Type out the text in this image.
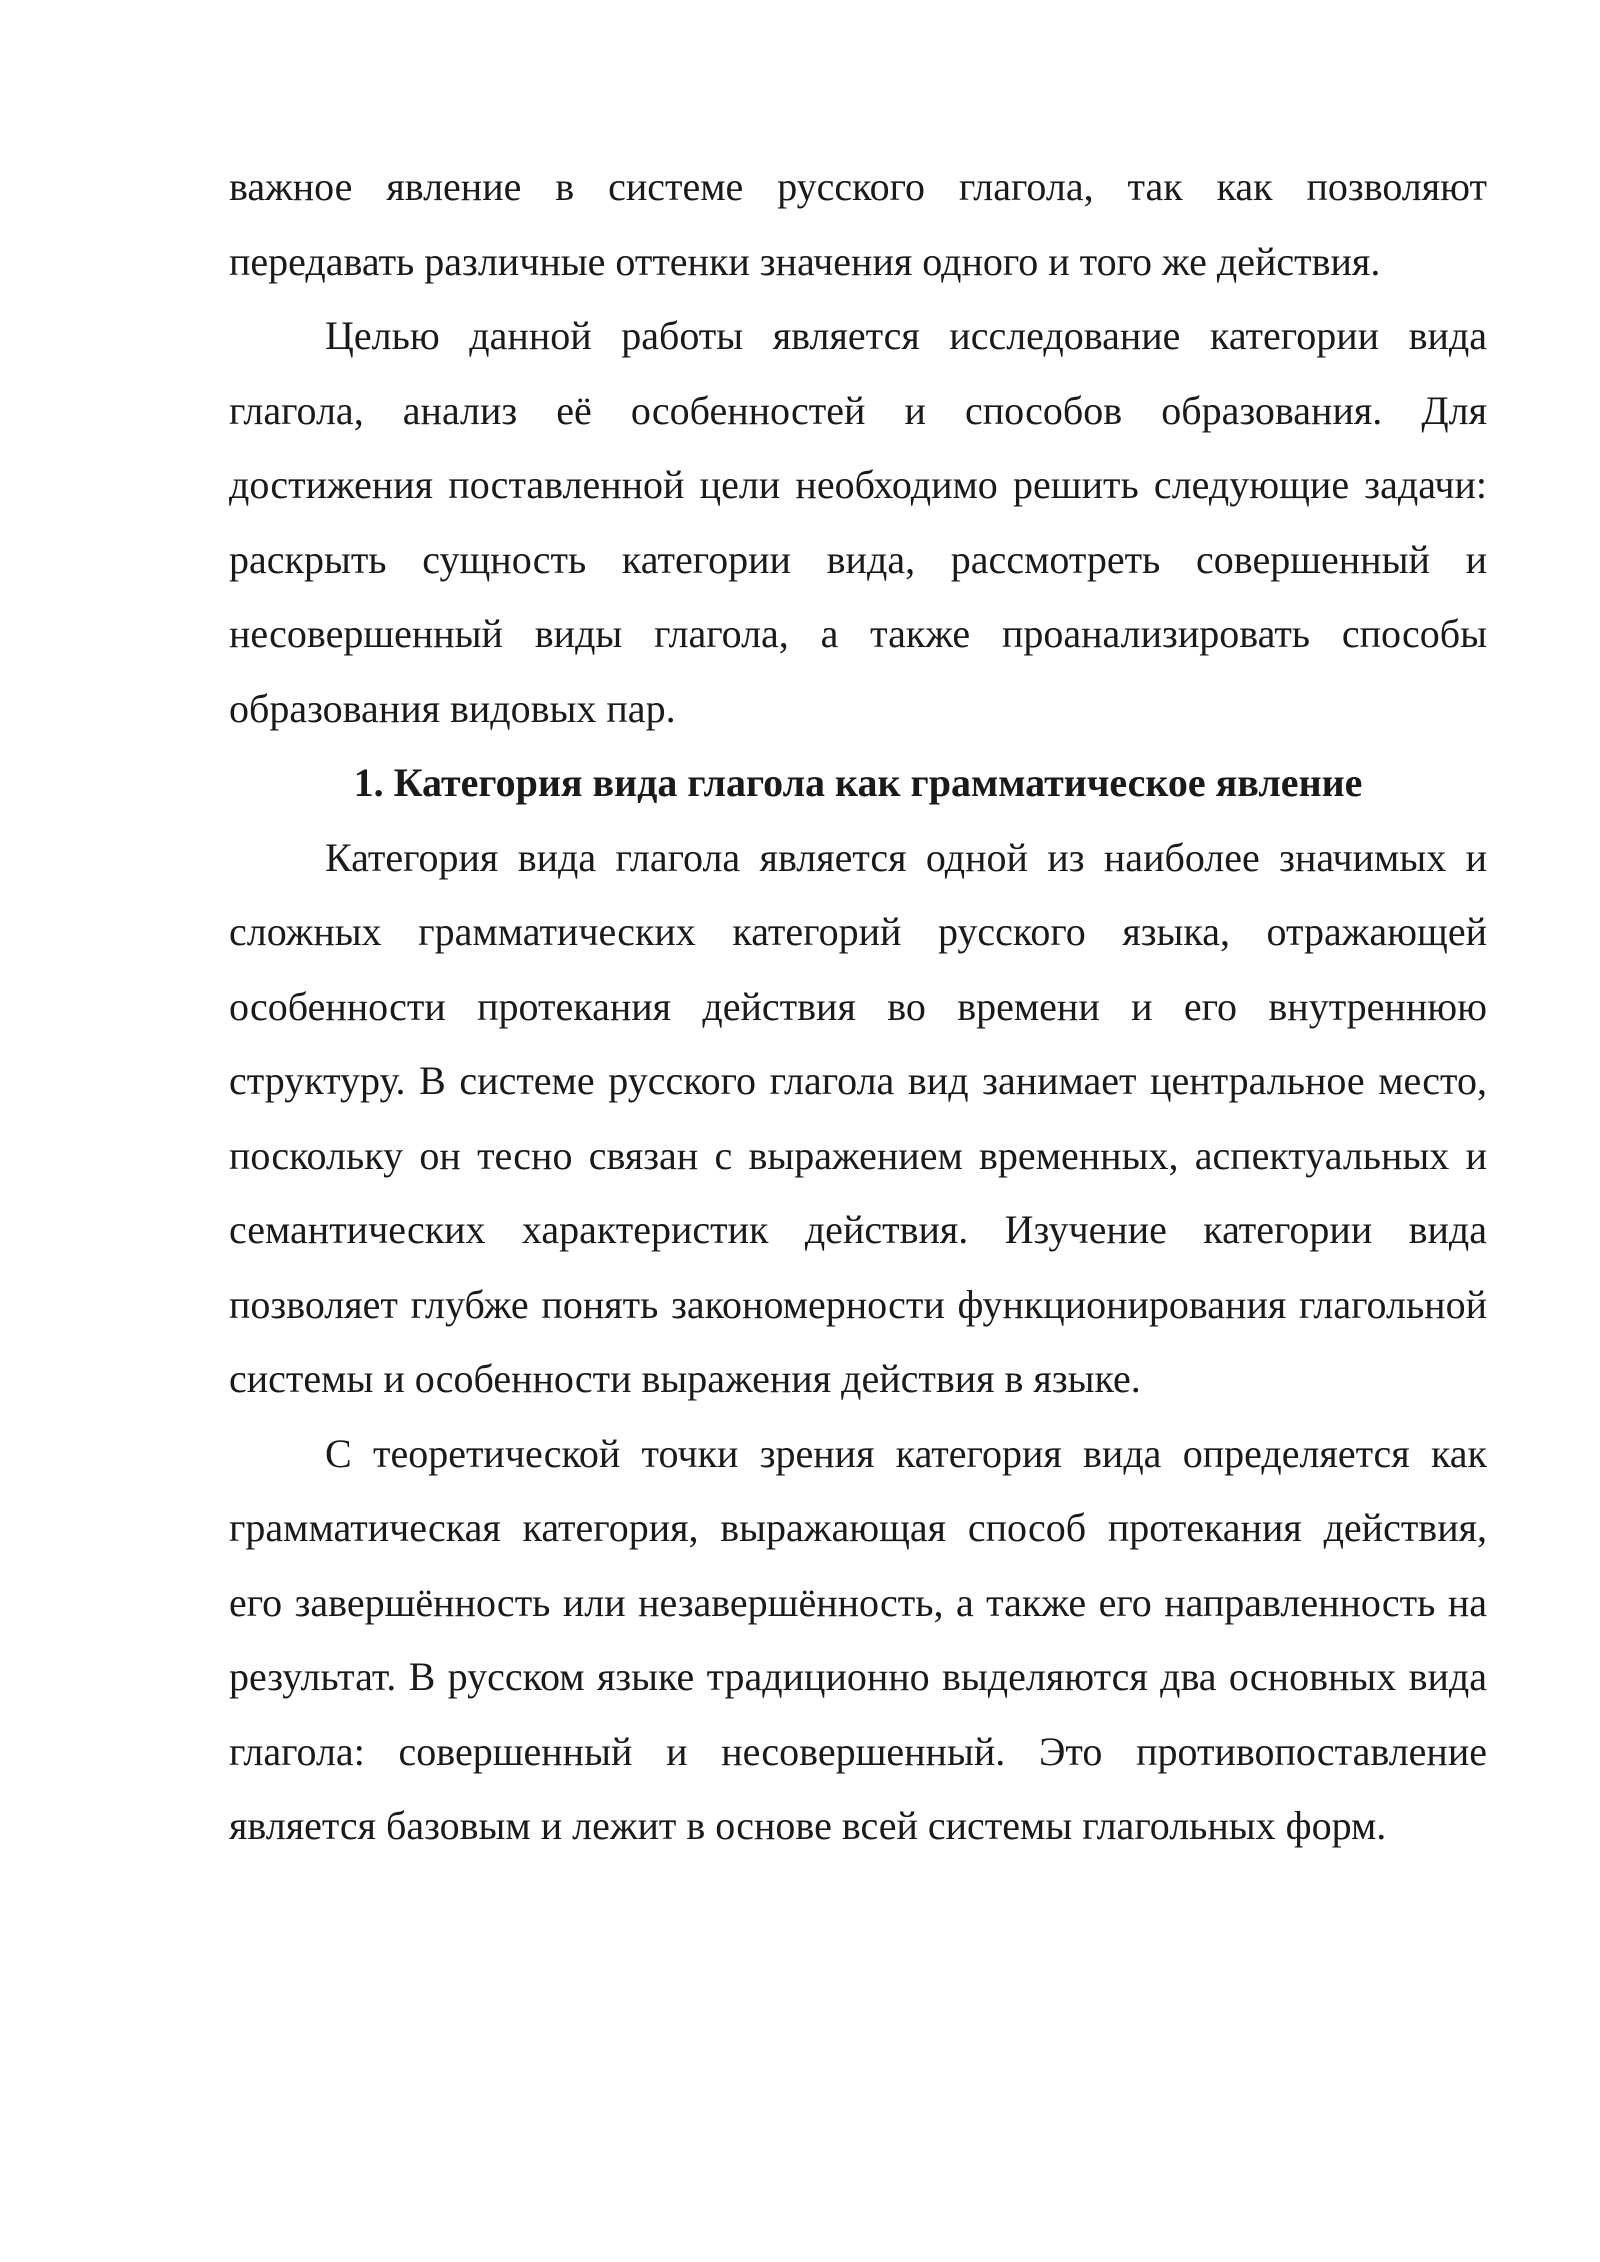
важное явление в системе русского глагола, так как позволяют передавать различные оттенки значения одного и того же действия.

Целью данной работы является исследование категории вида глагола, анализ её особенностей и способов образования. Для достижения поставленной цели необходимо решить следующие задачи: раскрыть сущность категории вида, рассмотреть совершенный и несовершенный виды глагола, а также проанализировать способы образования видовых пар.

1. Категория вида глагола как грамматическое явление

Категория вида глагола является одной из наиболее значимых и сложных грамматических категорий русского языка, отражающей особенности протекания действия во времени и его внутреннюю структуру. В системе русского глагола вид занимает центральное место, поскольку он тесно связан с выражением временных, аспектуальных и семантических характеристик действия. Изучение категории вида позволяет глубже понять закономерности функционирования глагольной системы и особенности выражения действия в языке.

С теоретической точки зрения категория вида определяется как грамматическая категория, выражающая способ протекания действия, его завершённость или незавершённость, а также его направленность на результат. В русском языке традиционно выделяются два основных вида глагола: совершенный и несовершенный. Это противопоставление является базовым и лежит в основе всей системы глагольных форм.
